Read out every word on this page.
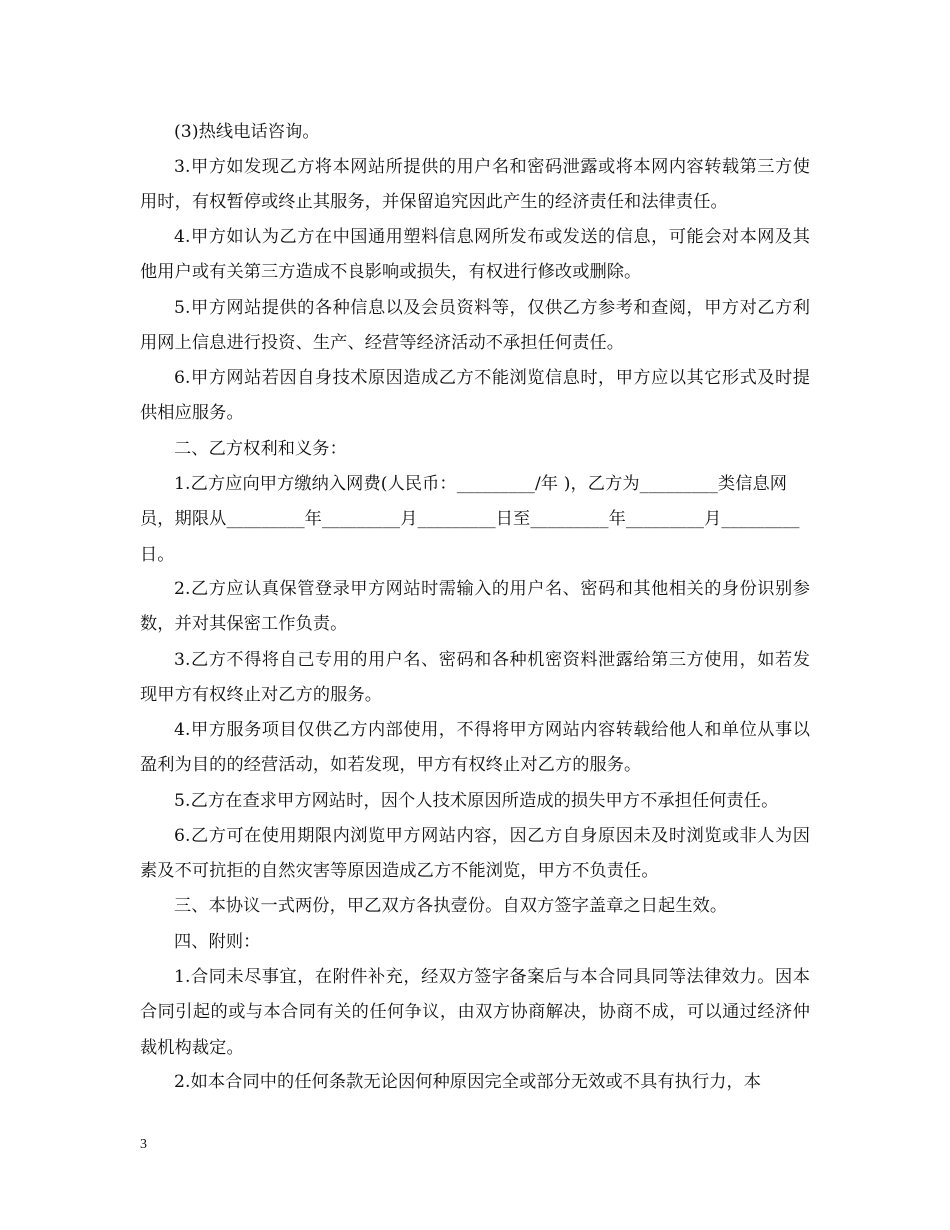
(3)热线电话咨询。

3.甲方如发现乙方将本网站所提供的用户名和密码泄露或将本网内容转载第三方使用时，有权暂停或终止其服务，并保留追究因此产生的经济责任和法律责任。

4.甲方如认为乙方在中国通用塑料信息网所发布或发送的信息，可能会对本网及其他用户或有关第三方造成不良影响或损失，有权进行修改或删除。

5.甲方网站提供的各种信息以及会员资料等，仅供乙方参考和查阅，甲方对乙方利用网上信息进行投资、生产、经营等经济活动不承担任何责任。

6.甲方网站若因自身技术原因造成乙方不能浏览信息时，甲方应以其它形式及时提供相应服务。

二、乙方权利和义务：

1.乙方应向甲方缴纳入网费(人民币：_________/年 )，乙方为_________类信息网员，期限从_________年_________月_________日至_________年_________月_________日。

2.乙方应认真保管登录甲方网站时需输入的用户名、密码和其他相关的身份识别参数，并对其保密工作负责。

3.乙方不得将自己专用的用户名、密码和各种机密资料泄露给第三方使用，如若发现甲方有权终止对乙方的服务。

4.甲方服务项目仅供乙方内部使用，不得将甲方网站内容转载给他人和单位从事以盈利为目的的经营活动，如若发现，甲方有权终止对乙方的服务。

5.乙方在查求甲方网站时，因个人技术原因所造成的损失甲方不承担任何责任。

6.乙方可在使用期限内浏览甲方网站内容，因乙方自身原因未及时浏览或非人为因素及不可抗拒的自然灾害等原因造成乙方不能浏览，甲方不负责任。

三、本协议一式两份，甲乙双方各执壹份。自双方签字盖章之日起生效。

四、附则：

1.合同未尽事宜，在附件补充，经双方签字备案后与本合同具同等法律效力。因本合同引起的或与本合同有关的任何争议，由双方协商解决，协商不成，可以通过经济仲裁机构裁定。

2.如本合同中的任何条款无论因何种原因完全或部分无效或不具有执行力，本

3
